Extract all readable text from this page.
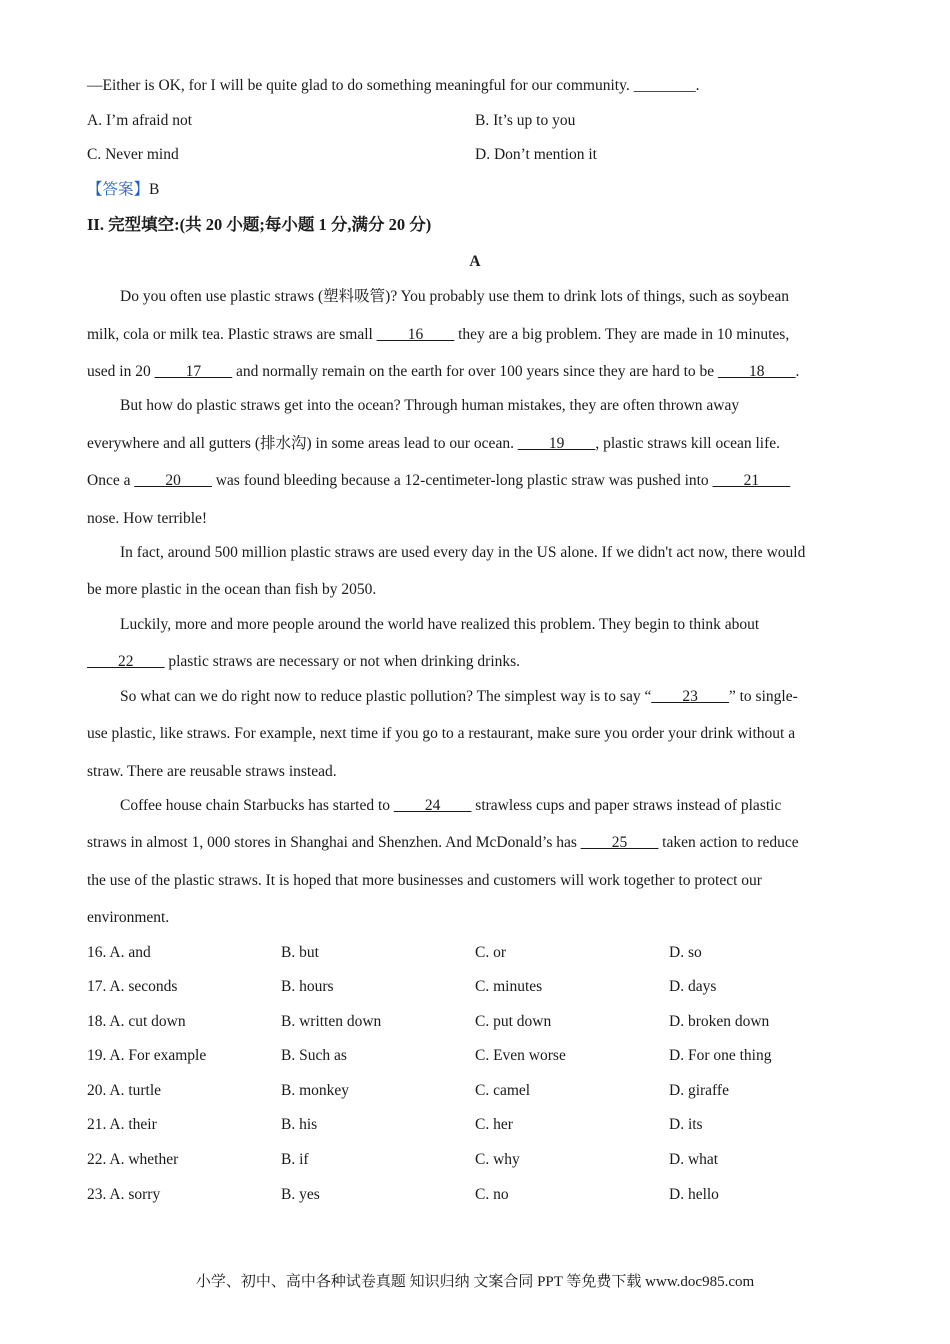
—Either is OK, for I will be quite glad to do something meaningful for our community. ________.
A. I’m afraid not	B. It’s up to you
C. Never mind	D. Don’t mention it
【答案】B
II. 完型填空:(共 20 小题;每小题 1 分,满分 20 分)
A
Do you often use plastic straws (塑料吸管)? You probably use them to drink lots of things, such as soybean
milk, cola or milk tea. Plastic straws are small ____16____ they are a big problem. They are made in 10 minutes,
used in 20 ____17____ and normally remain on the earth for over 100 years since they are hard to be ____18____.
But how do plastic straws get into the ocean? Through human mistakes, they are often thrown away
everywhere and all gutters (排水沟) in some areas lead to our ocean. ____19____, plastic straws kill ocean life.
Once a ____20____ was found bleeding because a 12-centimeter-long plastic straw was pushed into ____21____
nose. How terrible!
In fact, around 500 million plastic straws are used every day in the US alone. If we didn't act now, there would
be more plastic in the ocean than fish by 2050.
Luckily, more and more people around the world have realized this problem. They begin to think about
____22____ plastic straws are necessary or not when drinking drinks.
So what can we do right now to reduce plastic pollution? The simplest way is to say “____23____” to single-
use plastic, like straws. For example, next time if you go to a restaurant, make sure you order your drink without a
straw. There are reusable straws instead.
Coffee house chain Starbucks has started to ____24____ strawless cups and paper straws instead of plastic
straws in almost 1, 000 stores in Shanghai and Shenzhen. And McDonald’s has ____25____ taken action to reduce
the use of the plastic straws. It is hoped that more businesses and customers will work together to protect our
environment.
16. A. and	B. but	C. or	D. so
17. A. seconds	B. hours	C. minutes	D. days
18. A. cut down	B. written down	C. put down	D. broken down
19. A. For example	B. Such as	C. Even worse	D. For one thing
20. A. turtle	B. monkey	C. camel	D. giraffe
21. A. their	B. his	C. her	D. its
22. A. whether	B. if	C. why	D. what
23. A. sorry	B. yes	C. no	D. hello
小学、初中、高中各种试卷真题 知识归纳 文案合同 PPT 等免费下载 www.doc985.com
